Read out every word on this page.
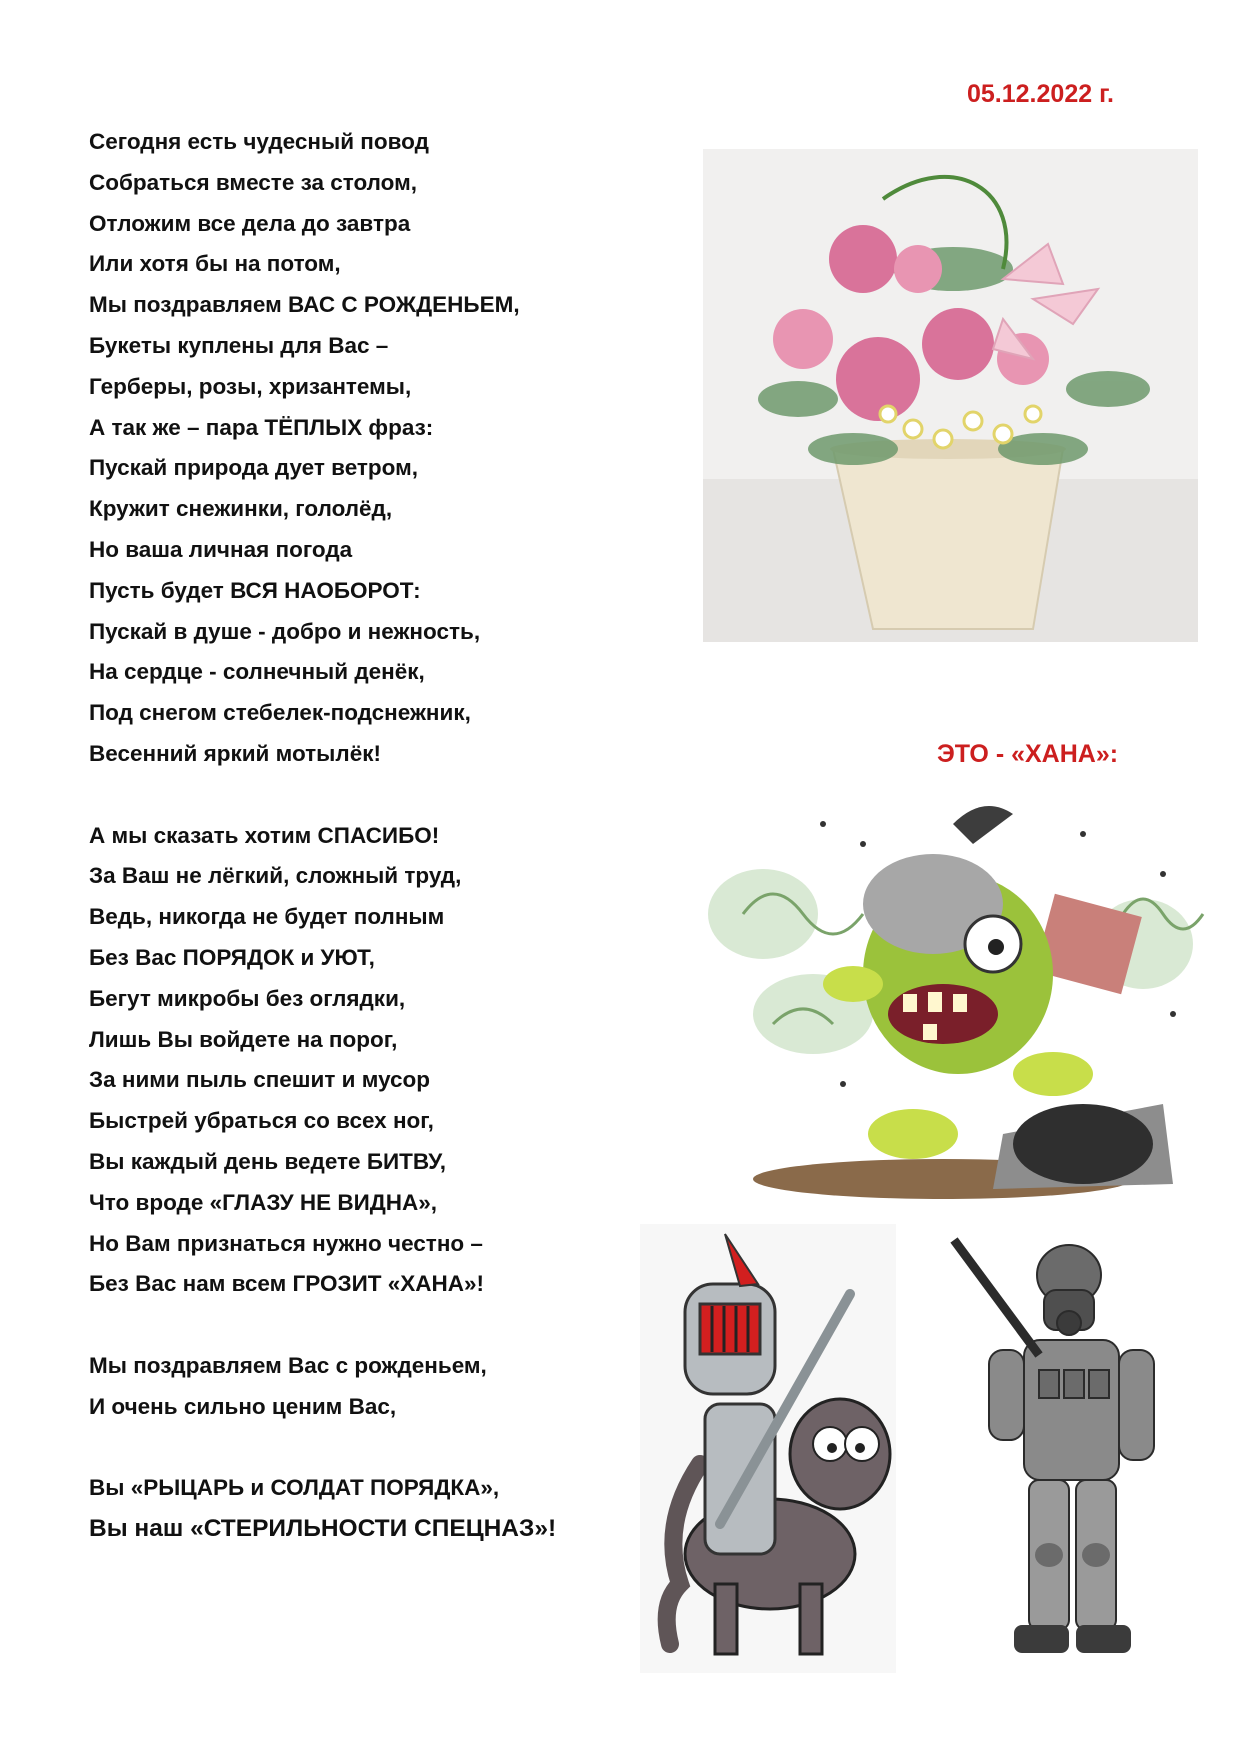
05.12.2022 г.
Сегодня есть чудесный повод
Собраться вместе за столом,
Отложим все дела до завтра
Или хотя бы на потом,
Мы поздравляем ВАС С РОЖДЕНЬЕМ,
Букеты куплены для Вас –
Герберы, розы, хризантемы,
А так же – пара ТЁПЛЫХ фраз:
Пускай природа дует ветром,
Кружит снежинки, гололёд,
Но ваша личная погода
Пусть будет ВСЯ НАОБОРОТ:
Пускай в душе - добро и нежность,
На сердце - солнечный денёк,
Под снегом стебелек-подснежник,
Весенний яркий мотылёк!
А мы сказать хотим СПАСИБО!
За Ваш не лёгкий, сложный труд,
Ведь, никогда не будет полным
Без Вас ПОРЯДОК и УЮТ,
Бегут микробы без оглядки,
Лишь Вы войдете на порог,
За ними пыль спешит и мусор
Быстрей убраться со всех ног,
Вы каждый день ведете БИТВУ,
Что вроде «ГЛАЗУ НЕ ВИДНА»,
Но Вам признаться нужно честно –
Без Вас нам всем ГРОЗИТ «ХАНА»!
Мы поздравляем Вас с рожденьем,
И очень сильно ценим Вас,
Вы «РЫЦАРЬ и СОЛДАТ ПОРЯДКА»,
Вы наш «СТЕРИЛЬНОСТИ СПЕЦНАЗ»!
ЭТО - «ХАНА»:
